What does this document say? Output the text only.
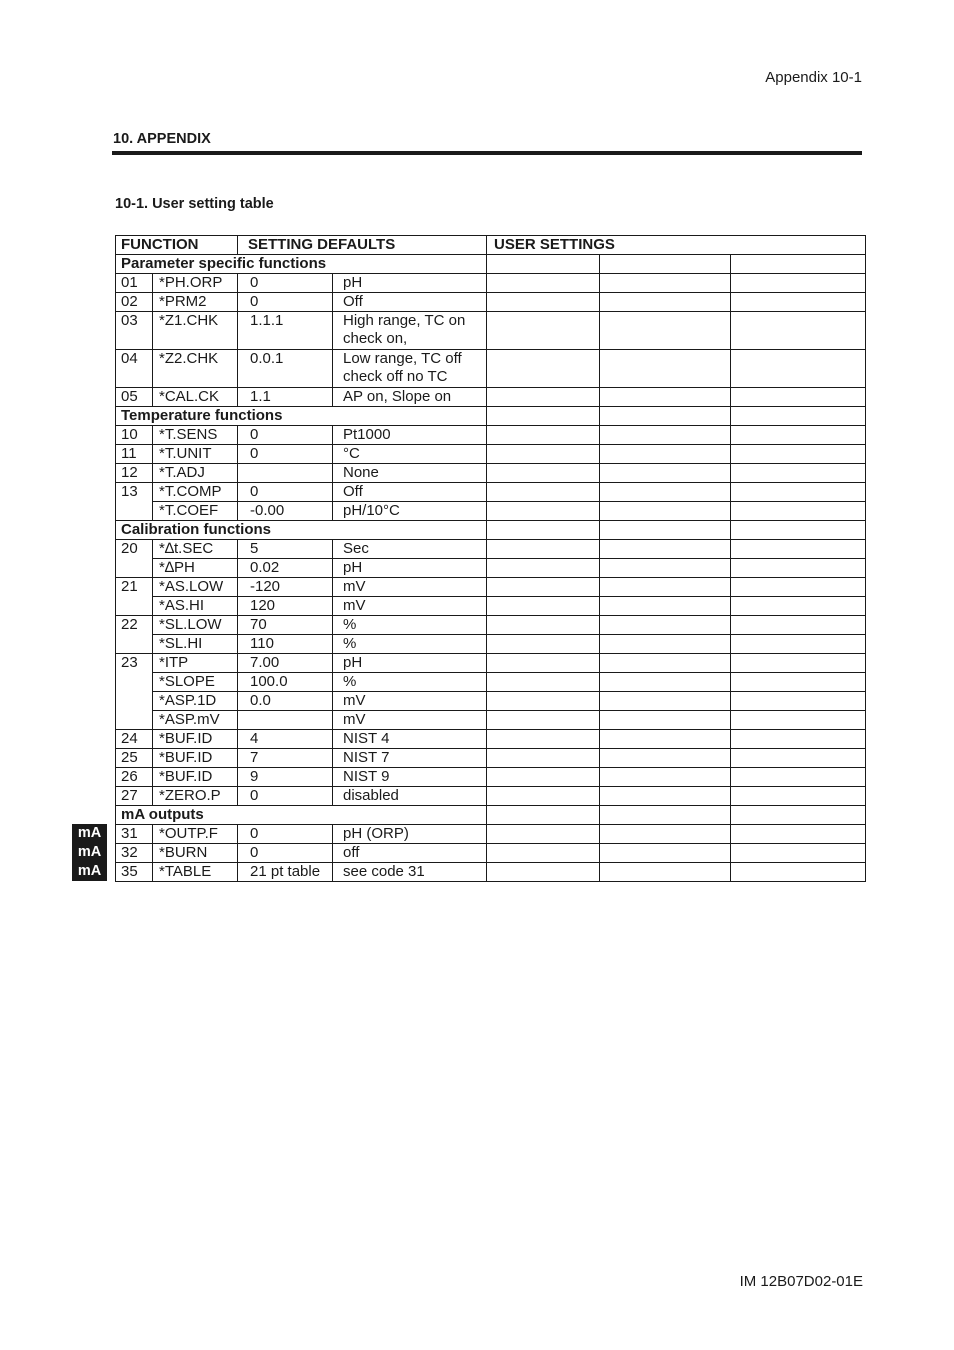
Appendix 10-1
10. APPENDIX
10-1. User setting table
FUNCTION		SETTING DEFAULTS		USER SETTINGS		
Parameter specific functions						
01	*PH.ORP	0	pH			
02	*PRM2	0	Off			
03	*Z1.CHK	1.1.1	High range, TC on check on,			
04	*Z2.CHK	0.0.1	Low range, TC off check off no TC			
05	*CAL.CK	1.1	AP on, Slope on			
Temperature functions						
10	*T.SENS	0	Pt1000			
11	*T.UNIT	0	°C			
12	*T.ADJ		None			
13	*T.COMP	0	Off			
	*T.COEF	-0.00	pH/10°C			
Calibration functions						
20	*∆t.SEC	5	Sec			
	*∆PH	0.02	pH			
21	*AS.LOW	-120	mV			
	*AS.HI	120	mV			
22	*SL.LOW	70	%			
	*SL.HI	110	%			
23	*ITP	7.00	pH			
	*SLOPE	100.0	%			
	*ASP.1D	0.0	mV			
	*ASP.mV		mV			
24	*BUF.ID	4	NIST 4			
25	*BUF.ID	7	NIST 7			
26	*BUF.ID	9	NIST 9			
27	*ZERO.P	0	disabled			
mA outputs						
31	*OUTP.F	0	pH (ORP)			
32	*BURN	0	off			
35	*TABLE	21 pt table	see code 31			
mA
mA
mA
IM 12B07D02-01E
